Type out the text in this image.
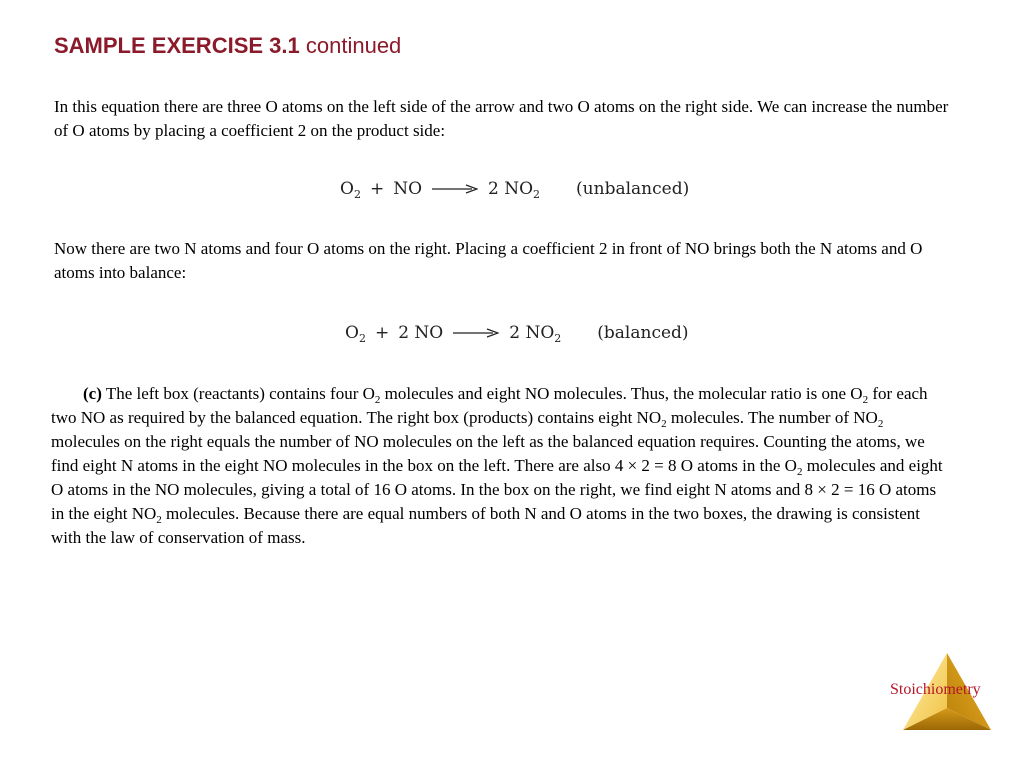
SAMPLE EXERCISE 3.1 continued

In this equation there are three O atoms on the left side of the arrow and two O atoms on the right side. We can increase the number of O atoms by placing a coefficient 2 on the product side:

$O_2$ + NO → 2 $NO_2$ (unbalanced)

Now there are two N atoms and four O atoms on the right. Placing a coefficient 2 in front of NO brings both the N atoms and O atoms into balance:

$O_2 + 2$ NO → 2 $NO_2$ (balanced)

(c) The left box (reactants) contains four $O_2$ molecules and eight NO molecules. Thus, the molecular ratio is one $O_2$ for each two NO as required by the balanced equation. The right box (products) contains eight $NO_2$ molecules. The number of $NO_2$ molecules on the right equals the number of NO molecules on the left as the balanced equation requires. Counting the atoms, we find eight N atoms in the eight NO molecules in the box on the left. There are also 4 × 2 = 8 O atoms in the $O_2$ molecules and eight O atoms in the NO molecules, giving a total of 16 O atoms. In the box on the right, we find eight N atoms and 8 × 2 = 16 O atoms in the eight $NO_2$ molecules. Because there are equal numbers of both N and O atoms in the two boxes, the drawing is consistent with the law of conservation of mass.

Stoichiometry
